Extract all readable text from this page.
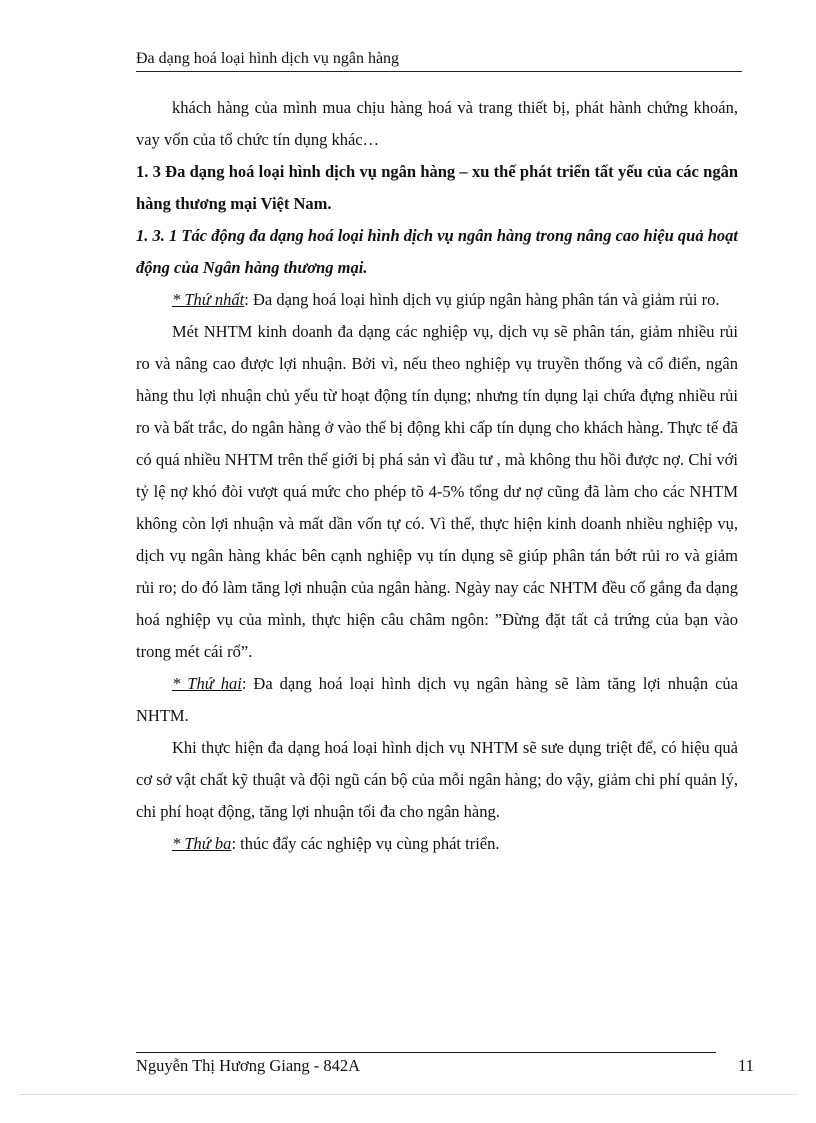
Đa dạng hoá loại hình dịch vụ ngân hàng

khách hàng của mình mua chịu hàng hoá và trang thiết bị, phát hành chứng khoán, vay vốn của tổ chức tín dụng khác…

1. 3 Đa dạng hoá loại hình dịch vụ ngân hàng – xu thế phát triển tất yếu của các ngân hàng thương mại Việt Nam.

1. 3. 1 Tác động đa dạng hoá loại hình dịch vụ ngân hàng trong nâng cao hiệu quả hoạt động của Ngân hàng thương mại.

* Thứ nhất: Đa dạng hoá loại hình dịch vụ giúp ngân hàng phân tán và giảm rủi ro.

Mét NHTM kinh doanh đa dạng các nghiệp vụ, dịch vụ sẽ phân tán, giảm nhiều rủi ro và nâng cao được lợi nhuận. Bởi vì, nếu theo nghiệp vụ truyền thống và cổ điển, ngân hàng thu lợi nhuận chủ yếu từ hoạt động tín dụng; nhưng tín dụng lại chứa đựng nhiều rủi ro và bất trắc, do ngân hàng ở vào thế bị động khi cấp tín dụng cho khách hàng. Thực tế đã có quá nhiều NHTM trên thế giới bị phá sản vì đầu tư , mà không thu hồi được nợ. Chỉ với tỷ lệ nợ khó đòi vượt quá mức cho phép tõ 4-5% tổng dư nợ cũng đã làm cho các NHTM không còn lợi nhuận và mất dần vốn tự có. Vì thế, thực hiện kinh doanh nhiều nghiệp vụ, dịch vụ ngân hàng khác bên cạnh nghiệp vụ tín dụng sẽ giúp phân tán bớt rủi ro và giảm rủi ro; do đó làm tăng lợi nhuận của ngân hàng. Ngày nay các NHTM đều cố gắng đa dạng hoá nghiệp vụ của mình, thực hiện câu châm ngôn: ”Đừng đặt tất cả trứng của bạn vào trong mét cái rổ”.

* Thứ hai: Đa dạng hoá loại hình dịch vụ ngân hàng sẽ làm tăng lợi nhuận của NHTM.

Khi thực hiện đa dạng hoá loại hình dịch vụ NHTM sẽ sưe dụng triệt để, có hiệu quả cơ sở vật chất kỹ thuật và đội ngũ cán bộ của mỗi ngân hàng; do vậy, giảm chi phí quản lý, chi phí hoạt động, tăng lợi nhuận tối đa cho ngân hàng.

* Thứ ba: thúc đẩy các nghiệp vụ cùng phát triển.

Nguyễn Thị Hương Giang - 842A	11
